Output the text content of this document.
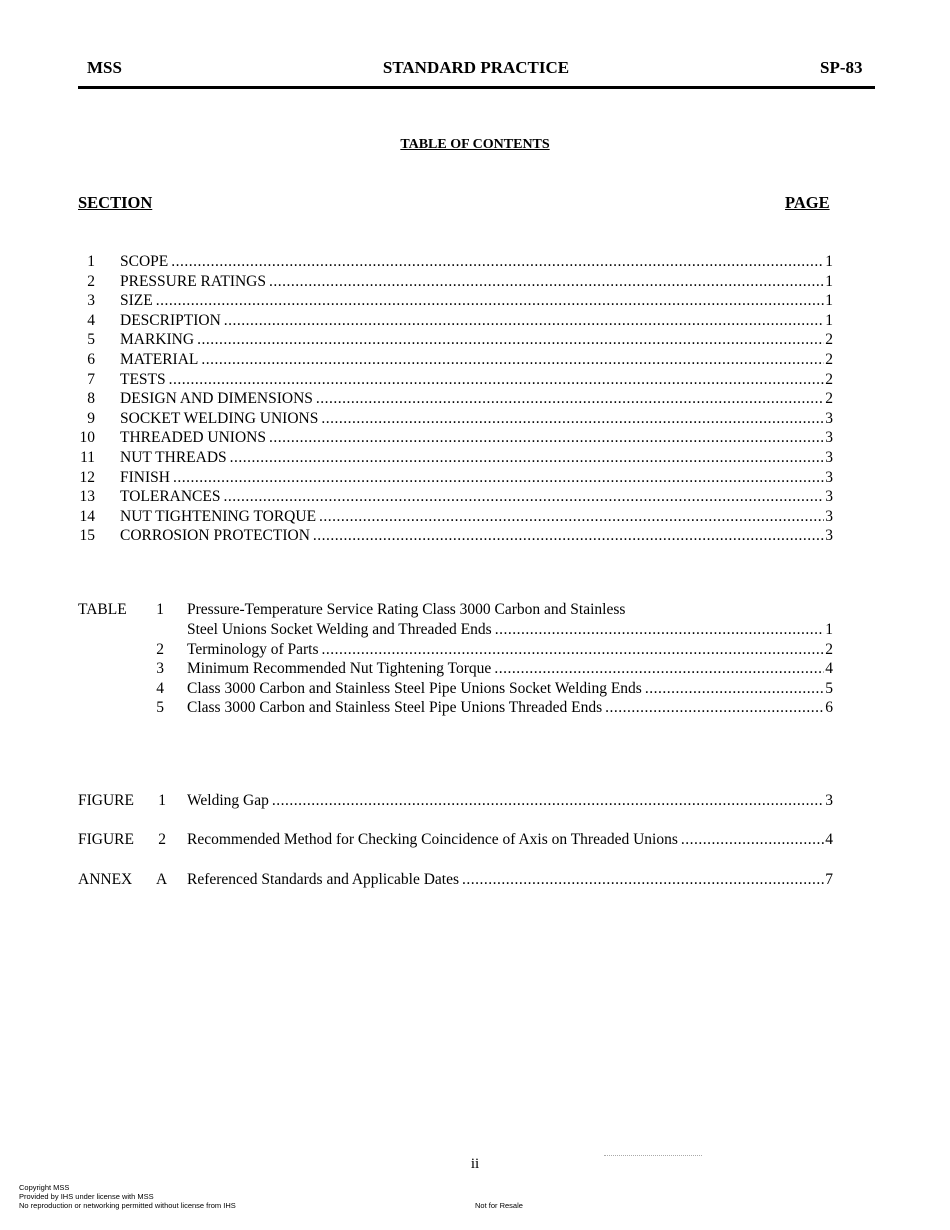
MSS	STANDARD PRACTICE	SP-83
TABLE OF CONTENTS
SECTION	PAGE
1 SCOPE .....	1
2 PRESSURE RATINGS .....	1
3 SIZE .....	1
4 DESCRIPTION .....	1
5 MARKING .....	2
6 MATERIAL .....	2
7 TESTS .....	2
8 DESIGN AND DIMENSIONS .....	2
9 SOCKET WELDING UNIONS .....	3
10 THREADED UNIONS .....	3
11 NUT THREADS .....	3
12 FINISH .....	3
13 TOLERANCES .....	3
14 NUT TIGHTENING TORQUE .....	3
15 CORROSION PROTECTION .....	3
TABLE	1 Pressure-Temperature Service Rating Class 3000 Carbon and Stainless
Steel Unions Socket Welding and Threaded Ends .....	1
2 Terminology of Parts .....	2
3 Minimum Recommended Nut Tightening Torque .....	4
4 Class 3000 Carbon and Stainless Steel Pipe Unions Socket Welding Ends .....	5
5 Class 3000 Carbon and Stainless Steel Pipe Unions Threaded Ends .....	6
FIGURE	1 Welding Gap .....	3
FIGURE	2 Recommended Method for Checking Coincidence of Axis on Threaded Unions .....	4
ANNEX	A Referenced Standards and Applicable Dates .....	7
ii
Copyright MSS
Provided by IHS under license with MSS
No reproduction or networking permitted without license from IHS	Not for Resale
